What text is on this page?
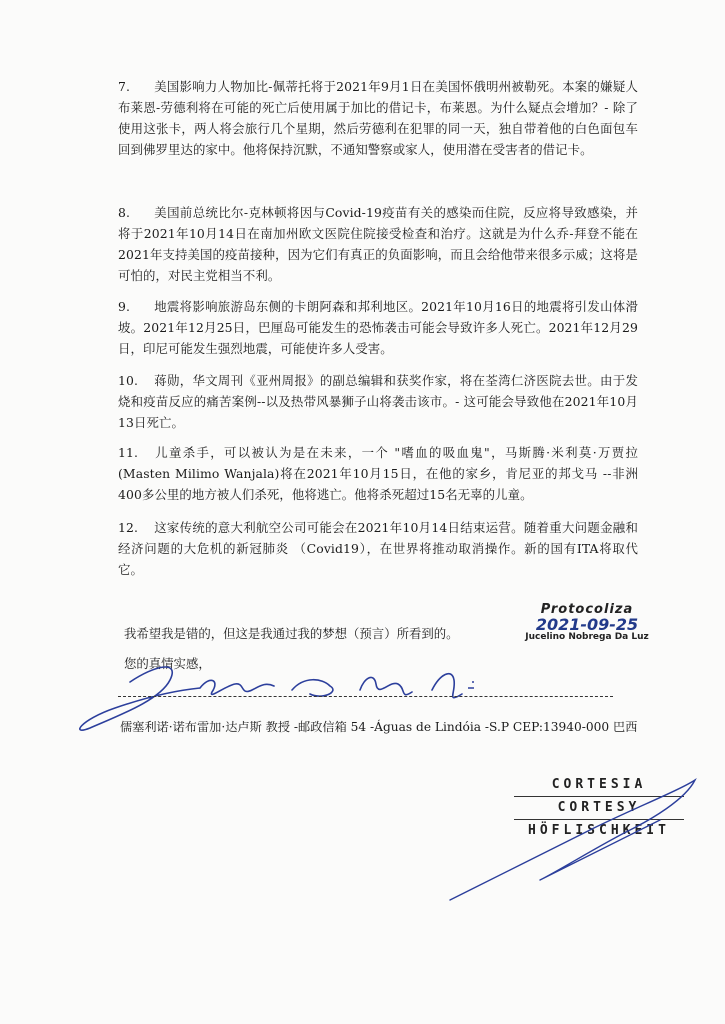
7. 美国影响力人物加比-佩蒂托将于2021年9月1日在美国怀俄明州被勒死。本案的嫌疑人布莱恩-劳德利将在可能的死亡后使用属于加比的借记卡，布莱恩。为什么疑点会增加？- 除了使用这张卡，两人将会旅行几个星期，然后劳德利在犯罪的同一天，独自带着他的白色面包车回到佛罗里达的家中。他将保持沉默，不通知警察或家人，使用潜在受害者的借记卡。
8. 美国前总统比尔-克林顿将因与Covid-19疫苗有关的感染而住院，反应将导致感染，并将于2021年10月14日在南加州欧文医院住院接受检查和治疗。这就是为什么乔-拜登不能在2021年支持美国的疫苗接种，因为它们有真正的负面影响，而且会给他带来很多示威；这将是可怕的，对民主党相当不利。
9. 地震将影响旅游岛东侧的卡朗阿森和邦利地区。2021年10月16日的地震将引发山体滑坡。2021年12月25日，巴厘岛可能发生的恐怖袭击可能会导致许多人死亡。2021年12月29日，印尼可能发生强烈地震，可能使许多人受害。
10. 蒋勋，华文周刊《亚州周报》的副总编辑和获奖作家，将在荃湾仁济医院去世。由于发烧和疫苗反应的痛苦案例--以及热带风暴狮子山将袭击该市。- 这可能会导致他在2021年10月13日死亡。
11. 儿童杀手，可以被认为是在未来，一个 "嗜血的吸血鬼"，马斯腾·米利莫·万贾拉(Masten Milimo Wanjala)将在2021年10月15日，在他的家乡，肯尼亚的邦戈马 --非洲400多公里的地方被人们杀死，他将逃亡。他将杀死超过15名无辜的儿童。
12. 这家传统的意大利航空公司可能会在2021年10月14日结束运营。随着重大问题金融和经济问题的大危机的新冠肺炎 （Covid19），在世界将推动取消操作。新的国有ITA将取代它。
我希望我是错的，但这是我通过我的梦想（预言）所看到的。
您的真情实感，
儒塞利诺·诺布雷加·达卢斯 教授 -邮政信箱 54 -Águas de Lindóia -S.P CEP:13940-000 巴西
Protocoliza
2021-09-25
Jucelino Nobrega Da Luz
CORTESIA
CORTESY
HÖFLISCHKEIT
